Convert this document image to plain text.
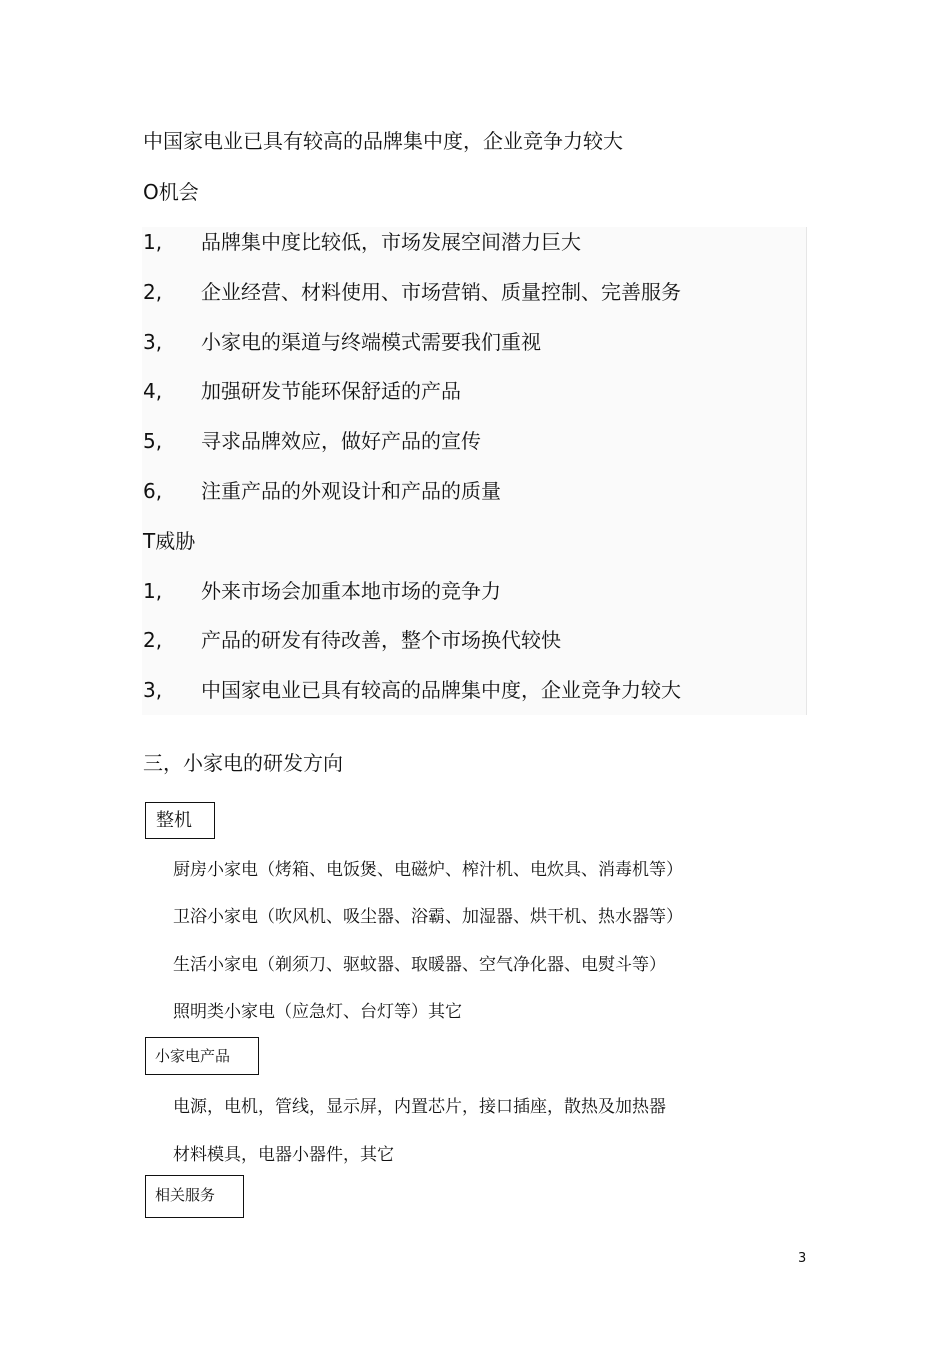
中国家电业已具有较高的品牌集中度，企业竞争力较大
O机会
1, 品牌集中度比较低，市场发展空间潜力巨大
2, 企业经营、材料使用、市场营销、质量控制、完善服务
3, 小家电的渠道与终端模式需要我们重视
4, 加强研发节能环保舒适的产品
5, 寻求品牌效应，做好产品的宣传
6, 注重产品的外观设计和产品的质量
T威胁
1, 外来市场会加重本地市场的竞争力
2, 产品的研发有待改善，整个市场换代较快
3, 中国家电业已具有较高的品牌集中度，企业竞争力较大
三，小家电的研发方向
整机
厨房小家电（烤箱、电饭煲、电磁炉、榨汁机、电炊具、消毒机等）
卫浴小家电（吹风机、吸尘器、浴霸、加湿器、烘干机、热水器等）
生活小家电（剃须刀、驱蚊器、取暖器、空气净化器、电熨斗等）
照明类小家电（应急灯、台灯等）其它
小家电产品
电源，电机，管线，显示屏，内置芯片，接口插座，散热及加热器
材料模具，电器小器件，其它
相关服务
3
